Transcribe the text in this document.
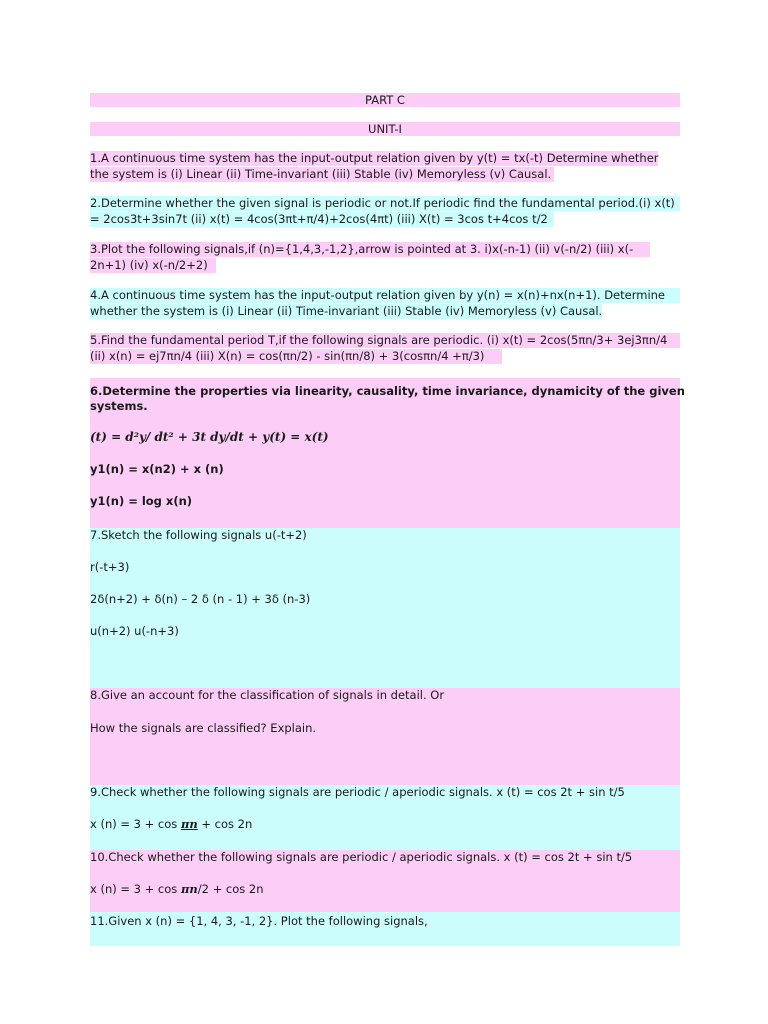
PART C
UNIT-I
1.A continuous time system has the input-output relation given by y(t) = tx(-t) Determine whether
the system is (i) Linear (ii) Time-invariant (iii) Stable (iv) Memoryless (v) Causal.
2.Determine whether the given signal is periodic or not.If periodic find the fundamental period.(i) x(t)
= 2cos3t+3sin7t (ii) x(t) = 4cos(3πt+π/4)+2cos(4πt) (iii) X(t) = 3cos t+4cos t/2
3.Plot the following signals,if (n)={1,4,3,-1,2},arrow is pointed at 3. i)x(-n-1) (ii) v(-n/2) (iii) x(-
2n+1) (iv) x(-n/2+2)
4.A continuous time system has the input-output relation given by y(n) = x(n)+nx(n+1). Determine
whether the system is (i) Linear (ii) Time-invariant (iii) Stable (iv) Memoryless (v) Causal.
5.Find the fundamental period T,if the following signals are periodic. (i) x(t) = 2cos(5πn/3+ 3ej3πn/4
(ii) x(n) = ej7πn/4 (iii) X(n) = cos(πn/2) - sin(πn/8) + 3(cosπn/4 +π/3)
6.Determine the properties via linearity, causality, time invariance, dynamicity of the given
systems.
(t) = d²y/ dt² + 3t dy/dt + y(t) = x(t)
y1(n) = x(n2) + x (n)
y1(n) = log x(n)
7.Sketch the following signals u(-t+2)
r(-t+3)
2δ(n+2) + δ(n) – 2 δ (n - 1) + 3δ (n-3)
u(n+2) u(-n+3)
8.Give an account for the classification of signals in detail. Or
How the signals are classified? Explain.
9.Check whether the following signals are periodic / aperiodic signals. x (t) = cos 2t + sin t/5
x (n) = 3 + cos πn + cos 2n
10.Check whether the following signals are periodic / aperiodic signals. x (t) = cos 2t + sin t/5
x (n) = 3 + cos πn/2 + cos 2n
11.Given x (n) = {1, 4, 3, -1, 2}. Plot the following signals,
